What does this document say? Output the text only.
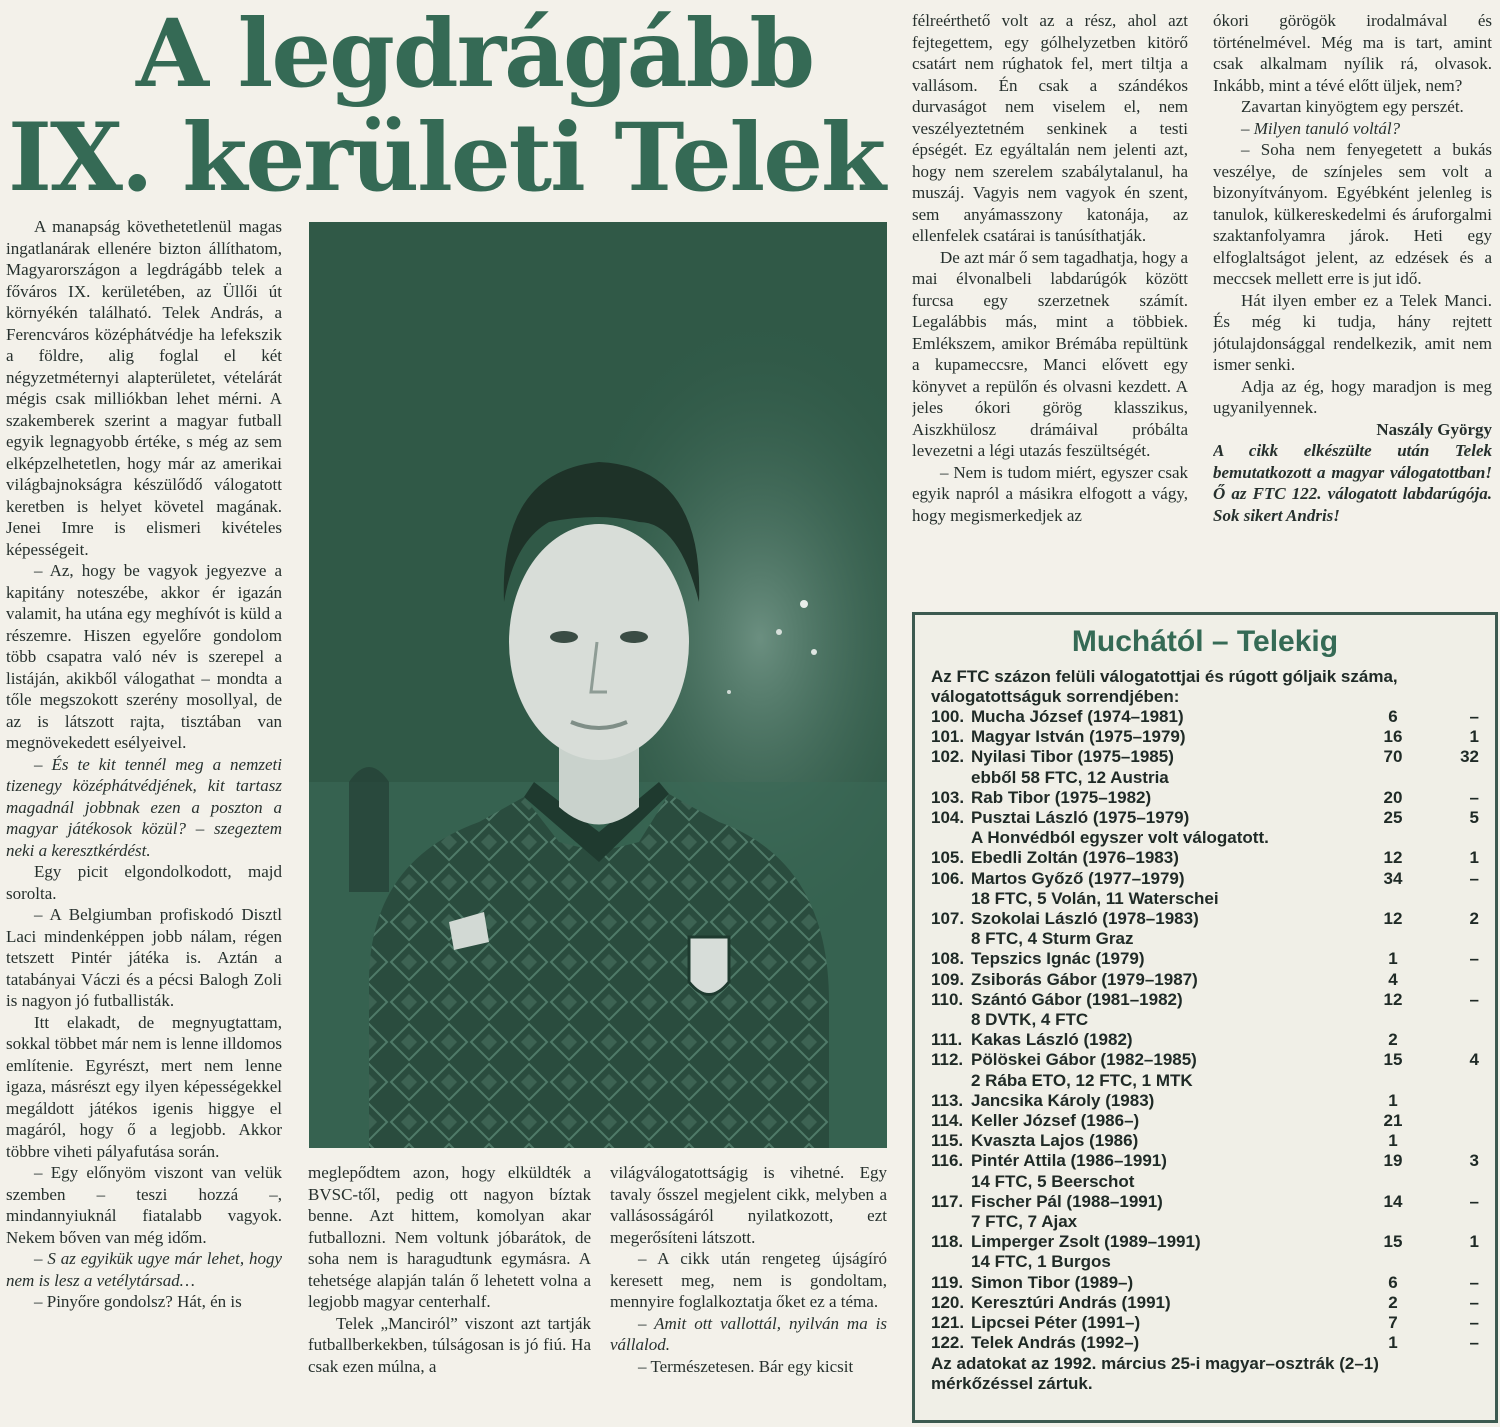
A legdrágább
IX. kerületi Telek

A manapság követhetetlenül magas ingatlanárak ellenére bizton állíthatom, Magyarországon a legdrágább telek a főváros IX. kerületében, az Üllői út környékén található. Telek András, a Ferencváros középhátvédje ha lefekszik a földre, alig foglal el két négyzetméternyi alapterületet, vételárát mégis csak milliókban lehet mérni. A szakemberek szerint a magyar futball egyik legnagyobb értéke, s még az sem elképzelhetetlen, hogy már az amerikai világbajnokságra készülődő válogatott keretben is helyet követel magának. Jenei Imre is elismeri kivételes képességeit.

– Az, hogy be vagyok jegyezve a kapitány noteszébe, akkor ér igazán valamit, ha utána egy meghívót is küld a részemre. Hiszen egyelőre gondolom több csapatra való név is szerepel a listáján, akikből válogathat – mondta a tőle megszokott szerény mosollyal, de az is látszott rajta, tisztában van megnövekedett esélyeivel.

– És te kit tennél meg a nemzeti tizenegy középhátvédjének, kit tartasz magadnál jobbnak ezen a poszton a magyar játékosok közül? – szegeztem neki a keresztkérdést.

Egy picit elgondolkodott, majd sorolta.

– A Belgiumban profiskodó Disztl Laci mindenképpen jobb nálam, régen tetszett Pintér játéka is. Aztán a tatabányai Váczi és a pécsi Balogh Zoli is nagyon jó futballisták.

Itt elakadt, de megnyugtattam, sokkal többet már nem is lenne illdomos említenie. Egyrészt, mert nem lenne igaza, másrészt egy ilyen képességekkel megáldott játékos igenis higgye el magáról, hogy ő a legjobb. Akkor többre viheti pályafutása során.

– Egy előnyöm viszont van velük szemben – teszi hozzá –, mindannyiuknál fiatalabb vagyok. Nekem bőven van még időm.

– S az egyikük ugye már lehet, hogy nem is lesz a vetélytársad…

– Pinyőre gondolsz? Hát, én is

meglepődtem azon, hogy elküldték a BVSC-től, pedig ott nagyon bíztak benne. Azt hittem, komolyan akar futballozni. Nem voltunk jóbarátok, de soha nem is haragudtunk egymásra. A tehetsége alapján talán ő lehetett volna a legjobb magyar centerhalf.

Telek „Manciról” viszont azt tartják futballberkekben, túlságosan is jó fiú. Ha csak ezen múlna, a

világválogatottságig is vihetné. Egy tavaly ősszel megjelent cikk, melyben a vallásosságáról nyilatkozott, ezt megerősíteni látszott.

– A cikk után rengeteg újságíró keresett meg, nem is gondoltam, mennyire foglalkoztatja őket ez a téma.

– Amit ott vallottál, nyilván ma is vállalod.

– Természetesen. Bár egy kicsit

félreérthető volt az a rész, ahol azt fejtegettem, egy gólhelyzetben kitörő csatárt nem rúghatok fel, mert tiltja a vallásom. Én csak a szándékos durvaságot nem viselem el, nem veszélyeztetném senkinek a testi épségét. Ez egyáltalán nem jelenti azt, hogy nem szerelem szabálytalanul, ha muszáj. Vagyis nem vagyok én szent, sem anyámasszony katonája, az ellenfelek csatárai is tanúsíthatják.

De azt már ő sem tagadhatja, hogy a mai élvonalbeli labdarúgók között furcsa egy szerzetnek számít. Legalábbis más, mint a többiek. Emlékszem, amikor Brémába repültünk a kupameccsre, Manci elővett egy könyvet a repülőn és olvasni kezdett. A jeles ókori görög klasszikus, Aiszkhülosz drámáival próbálta levezetni a légi utazás feszültségét.

– Nem is tudom miért, egyszer csak egyik napról a másikra elfogott a vágy, hogy megismerkedjek az

ókori görögök irodalmával és történelmével. Még ma is tart, amint csak alkalmam nyílik rá, olvasok. Inkább, mint a tévé előtt üljek, nem?

Zavartan kinyögtem egy perszét.

– Milyen tanuló voltál?

– Soha nem fenyegetett a bukás veszélye, de színjeles sem volt a bizonyítványom. Egyébként jelenleg is tanulok, külkereskedelmi és áruforgalmi szaktanfolyamra járok. Heti egy elfoglaltságot jelent, az edzések és a meccsek mellett erre is jut idő.

Hát ilyen ember ez a Telek Manci. És még ki tudja, hány rejtett jótulajdonsággal rendelkezik, amit nem ismer senki.

Adja az ég, hogy maradjon is meg ugyanilyennek.

Naszály György

A cikk elkészülte után Telek bemutatkozott a magyar válogatottban! Ő az FTC 122. válogatott labdarúgója. Sok sikert Andris!

Muchától – Telekig
Az FTC százon felüli válogatottjai és rúgott góljaik száma, válogatottságuk sorrendjében:
100.	Mucha József (1974–1981)	6	–
101.	Magyar István (1975–1979)	16	1
102.	Nyilasi Tibor (1975–1985)	70	32
ebből 58 FTC, 12 Austria			
103.	Rab Tibor (1975–1982)	20	–
104.	Pusztai László (1975–1979)	25	5
A Honvédból egyszer volt válogatott.			
105.	Ebedli Zoltán (1976–1983)	12	1
106.	Martos Győző (1977–1979)	34	–
18 FTC, 5 Volán, 11 Waterschei			
107.	Szokolai László (1978–1983)	12	2
8 FTC, 4 Sturm Graz			
108.	Tepszics Ignác (1979)	1	–
109.	Zsiborás Gábor (1979–1987)	4	
110.	Szántó Gábor (1981–1982)	12	–
8 DVTK, 4 FTC			
111.	Kakas László (1982)	2	
112.	Pölöskei Gábor (1982–1985)	15	4
2 Rába ETO, 12 FTC, 1 MTK			
113.	Jancsika Károly (1983)	1	
114.	Keller József (1986–)	21	
115.	Kvaszta Lajos (1986)	1	
116.	Pintér Attila (1986–1991)	19	3
14 FTC, 5 Beerschot			
117.	Fischer Pál (1988–1991)	14	–
7 FTC, 7 Ajax			
118.	Limperger Zsolt (1989–1991)	15	1
14 FTC, 1 Burgos			
119.	Simon Tibor (1989–)	6	–
120.	Keresztúri András (1991)	2	–
121.	Lipcsei Péter (1991–)	7	–
122.	Telek András (1992–)	1	–
Az adatokat az 1992. március 25-i magyar–osztrák (2–1) mérkőzéssel zártuk.
